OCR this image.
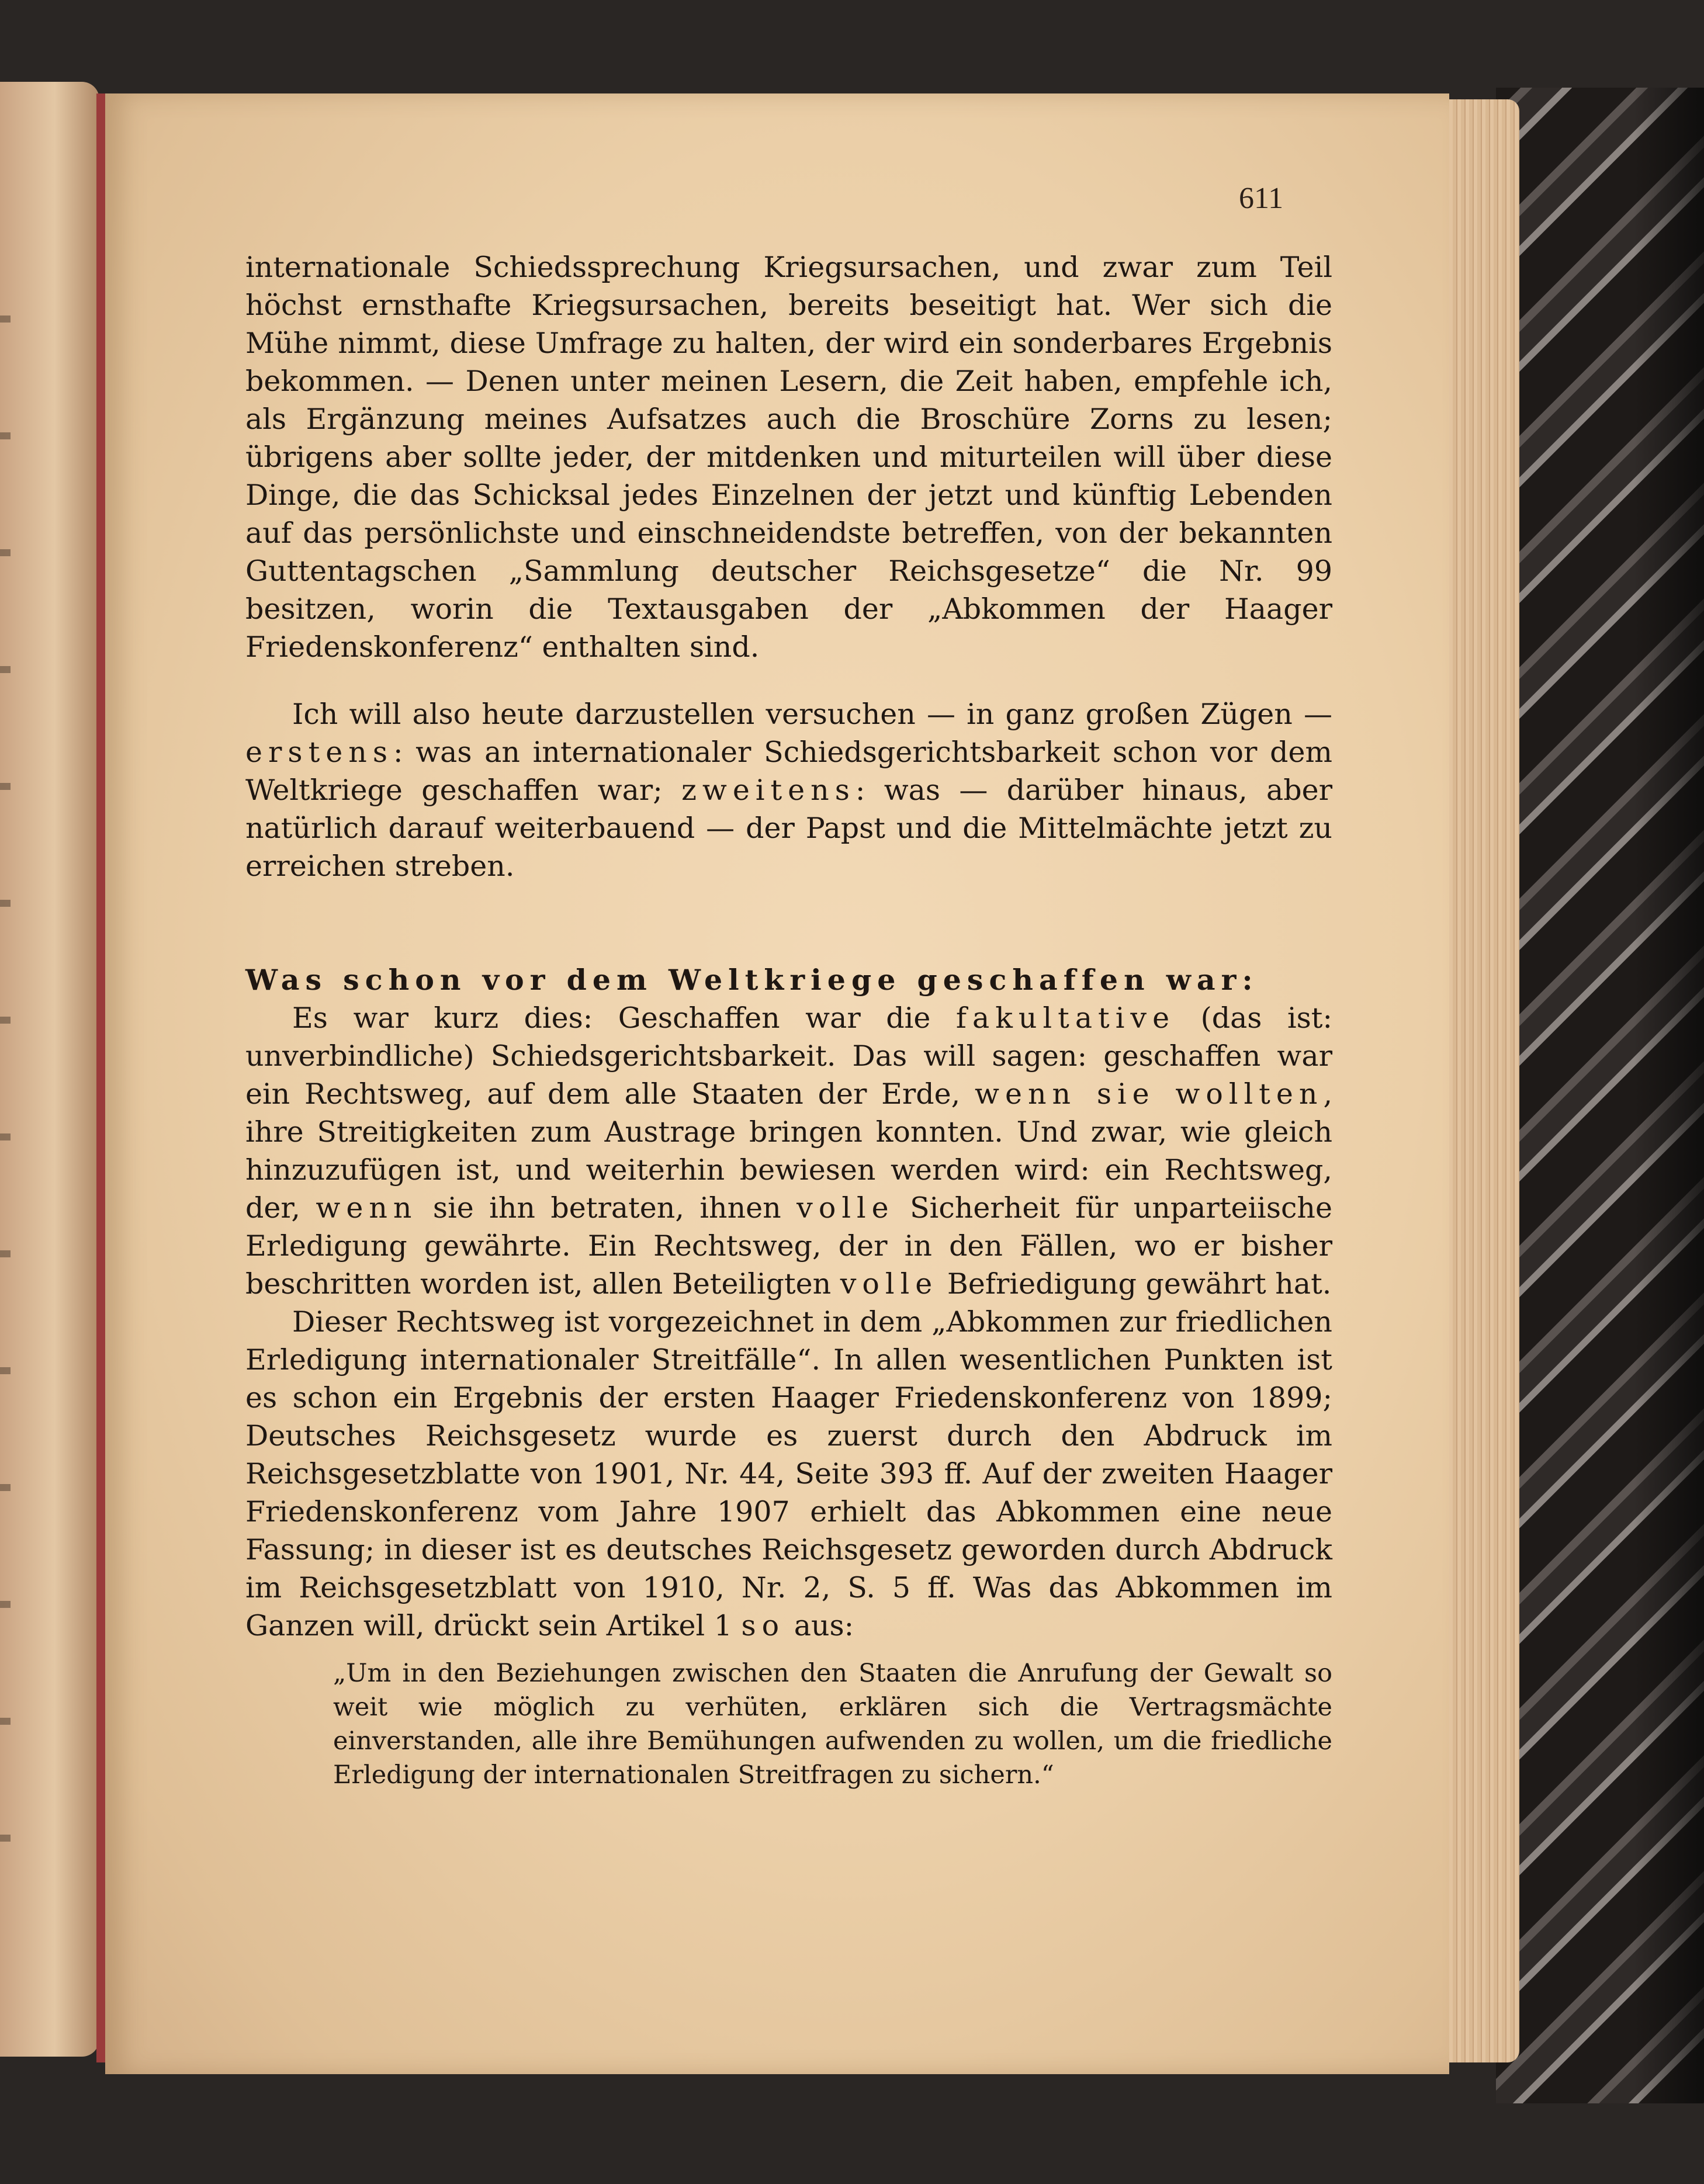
611

internationale Schiedssprechung Kriegsursachen, und zwar zum Teil höchst ernsthafte Kriegsursachen, bereits beseitigt hat. Wer sich die Mühe nimmt, diese Umfrage zu halten, der wird ein sonderbares Ergebnis bekommen. — Denen unter meinen Lesern, die Zeit haben, empfehle ich, als Ergänzung meines Aufsatzes auch die Broschüre Zorns zu lesen; übrigens aber sollte jeder, der mitdenken und miturteilen will über diese Dinge, die das Schicksal jedes Einzelnen der jetzt und künftig Lebenden auf das persönlichste und einschneidendste betreffen, von der bekannten Guttentagschen „Sammlung deutscher Reichsgesetze“ die Nr. 99 besitzen, worin die Textausgaben der „Abkommen der Haager Friedenskonferenz“ enthalten sind.

Ich will also heute darzustellen versuchen — in ganz großen Zügen — erstens: was an internationaler Schiedsgerichtsbarkeit schon vor dem Weltkriege geschaffen war; zweitens: was — darüber hinaus, aber natürlich darauf weiterbauend — der Papst und die Mittelmächte jetzt zu erreichen streben.

Was schon vor dem Weltkriege geschaffen war:

Es war kurz dies: Geschaffen war die fakultative (das ist: unverbindliche) Schiedsgerichtsbarkeit. Das will sagen: geschaffen war ein Rechtsweg, auf dem alle Staaten der Erde, wenn sie wollten, ihre Streitigkeiten zum Austrage bringen konnten. Und zwar, wie gleich hinzuzufügen ist, und weiterhin bewiesen werden wird: ein Rechtsweg, der, wenn sie ihn betraten, ihnen volle Sicherheit für unparteiische Erledigung gewährte. Ein Rechtsweg, der in den Fällen, wo er bisher beschritten worden ist, allen Beteiligten volle Befriedigung gewährt hat.

Dieser Rechtsweg ist vorgezeichnet in dem „Abkommen zur friedlichen Erledigung internationaler Streitfälle“. In allen wesentlichen Punkten ist es schon ein Ergebnis der ersten Haager Friedenskonferenz von 1899; Deutsches Reichsgesetz wurde es zuerst durch den Abdruck im Reichsgesetzblatte von 1901, Nr. 44, Seite 393 ff. Auf der zweiten Haager Friedenskonferenz vom Jahre 1907 erhielt das Abkommen eine neue Fassung; in dieser ist es deutsches Reichsgesetz geworden durch Abdruck im Reichsgesetzblatt von 1910, Nr. 2, S. 5 ff. Was das Abkommen im Ganzen will, drückt sein Artikel 1 so aus:

„Um in den Beziehungen zwischen den Staaten die Anrufung der Gewalt so weit wie möglich zu verhüten, erklären sich die Vertragsmächte einverstanden, alle ihre Bemühungen aufwenden zu wollen, um die friedliche Erledigung der internationalen Streitfragen zu sichern.“
